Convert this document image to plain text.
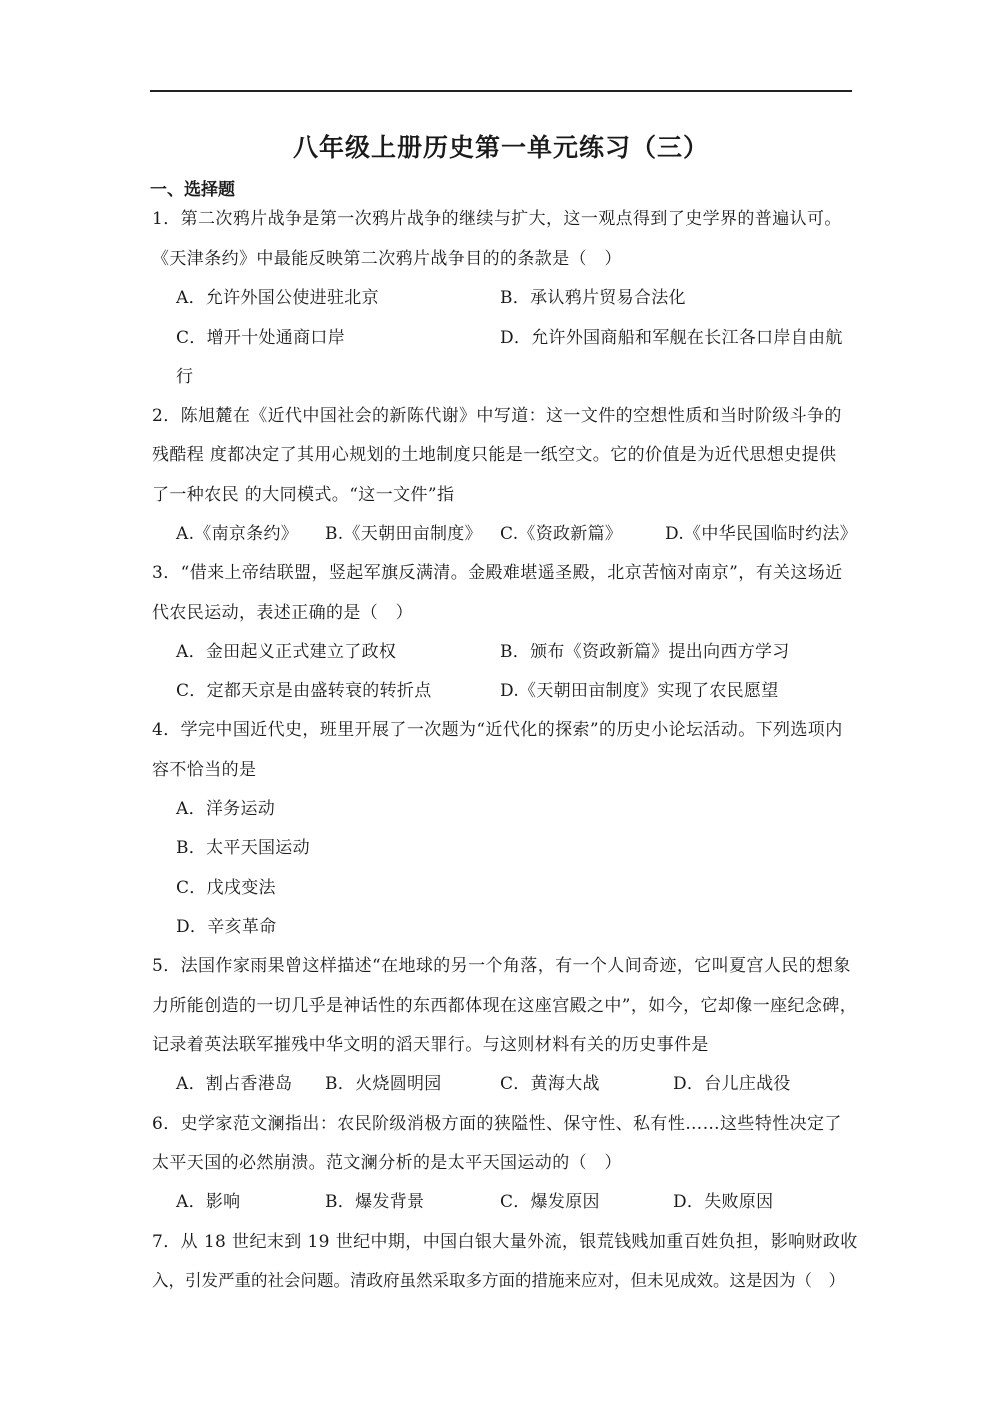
八年级上册历史第一单元练习（三）
一、选择题
1．第二次鸦片战争是第一次鸦片战争的继续与扩大，这一观点得到了史学界的普遍认可。
《天津条约》中最能反映第二次鸦片战争目的的条款是（　）
A．允许外国公使进驻北京	B．承认鸦片贸易合法化
C．增开十处通商口岸	D．允许外国商船和军舰在长江各口岸自由航
行
2．陈旭麓在《近代中国社会的新陈代谢》中写道：这一文件的空想性质和当时阶级斗争的
残酷程 度都决定了其用心规划的土地制度只能是一纸空文。它的价值是为近代思想史提供
了一种农民 的大同模式。“这一文件”指
A.《南京条约》 B.《天朝田亩制度》 C.《资政新篇》	D.《中华民国临时约法》
3．“借来上帝结联盟，竖起军旗反满清。金殿难堪遥圣殿，北京苦恼对南京”，有关这场近
代农民运动，表述正确的是（　）
A．金田起义正式建立了政权	B．颁布《资政新篇》提出向西方学习
C．定都天京是由盛转衰的转折点	D.《天朝田亩制度》实现了农民愿望
4．学完中国近代史，班里开展了一次题为“近代化的探索”的历史小论坛活动。下列选项内
容不恰当的是
A．洋务运动
B．太平天国运动
C．戊戌变法
D．辛亥革命
5．法国作家雨果曾这样描述“在地球的另一个角落，有一个人间奇迹，它叫夏宫人民的想象
力所能创造的一切几乎是神话性的东西都体现在这座宫殿之中”，如今，它却像一座纪念碑，
记录着英法联军摧残中华文明的滔天罪行。与这则材料有关的历史事件是
A．割占香港岛 B．火烧圆明园	C．黄海大战	D．台儿庄战役
6．史学家范文澜指出：农民阶级消极方面的狭隘性、保守性、私有性……这些特性决定了
太平天国的必然崩溃。范文澜分析的是太平天国运动的（　）
A．影响	B．爆发背景	C．爆发原因	D．失败原因
7．从 18 世纪末到 19 世纪中期，中国白银大量外流，银荒钱贱加重百姓负担，影响财政收
入，引发严重的社会问题。清政府虽然采取多方面的措施来应对，但未见成效。这是因为（　）
